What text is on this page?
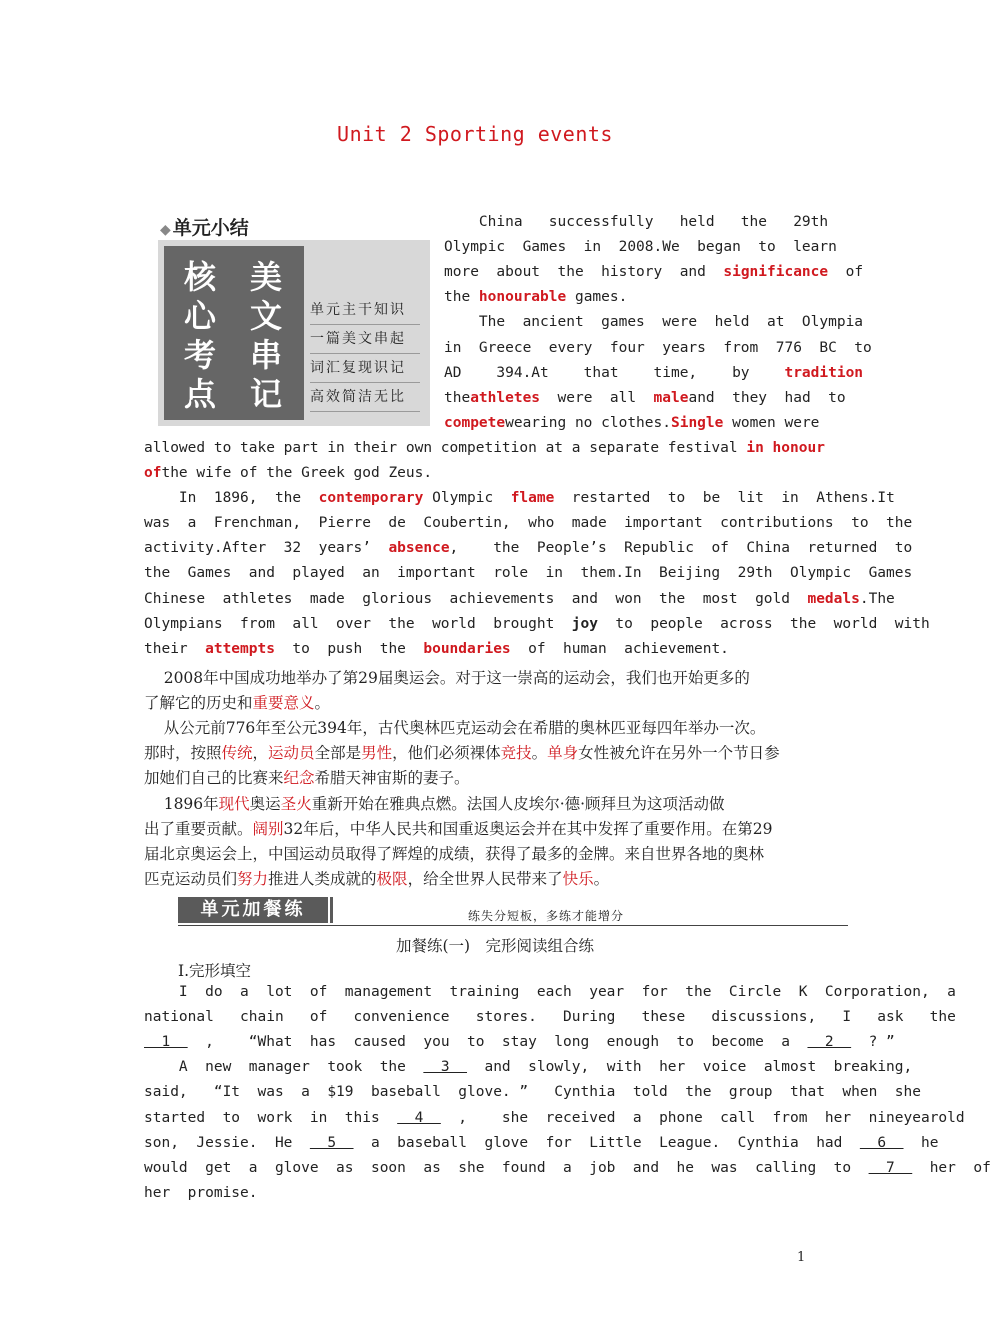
Unit 2 Sporting events
◆ 单元小结
核
心
考
点
美
文
串
记
单元主干知识
一篇美文串起
词汇复现识记
高效简洁无比
China   successfully   held   the   29th
Olympic  Games  in  2008.We  began  to  learn
more  about  the  history  and  significance  of
the honourable games.
The  ancient  games  were  held  at  Olympia
in  Greece  every  four  years  from  776  BC  to
AD    394.At    that    time,    by    tradition
theathletes  were  all  maleand  they  had  to
competewearing no clothes.Single women were
allowed to take part in their own competition at a separate festival in honour
ofthe wife of the Greek god Zeus.
In  1896,  the  contemporary Olympic  flame  restarted  to  be  lit  in  Athens.It
was  a  Frenchman,  Pierre  de  Coubertin,  who  made  important  contributions  to  the
activity.After  32  years’  absence,    the  People’s  Republic  of  China  returned  to
the  Games  and  played  an  important  role  in  them.In  Beijing  29th  Olympic  Games
Chinese  athletes  made  glorious  achievements  and  won  the  most  gold  medals.The
Olympians  from  all  over  the  world  brought  joy  to  people  across  the  world  with
their  attempts  to  push  the  boundaries  of  human  achievement.
2008年中国成功地举办了第29届奥运会。对于这一崇高的运动会，我们也开始更多的
了解它的历史和重要意义。
从公元前776年至公元394年，古代奥林匹克运动会在希腊的奥林匹亚每四年举办一次。
那时，按照传统，运动员全部是男性，他们必须裸体竞技。单身女性被允许在另外一个节日参
加她们自己的比赛来纪念希腊天神宙斯的妻子。
1896年现代奥运圣火重新开始在雅典点燃。法国人皮埃尔·德·顾拜旦为这项活动做
出了重要贡献。阔别32年后，中华人民共和国重返奥运会并在其中发挥了重要作用。在第29
届北京奥运会上，中国运动员取得了辉煌的成绩，获得了最多的金牌。来自世界各地的奥林
匹克运动员们努力推进人类成就的极限，给全世界人民带来了快乐。
单元加餐练	练失分短板，多练才能增分
加餐练(一)　完形阅读组合练
Ⅰ.完形填空
I  do  a  lot  of  management  training  each  year  for  the  Circle  K  Corporation,  a
national   chain   of   convenience   stores.   During   these   discussions,   I   ask   the
1    ,    “What  has  caused  you  to  stay  long  enough  to  become  a    2    ? ”
A  new  manager  took  the    3    and  slowly,  with  her  voice  almost  breaking,
said,   “It  was  a  $19  baseball  glove. ”   Cynthia  told  the  group  that  when  she
started  to  work  in  this    4    ,    she  received  a  phone  call  from  her  nineyearold
son,  Jessie.  He    5    a  baseball  glove  for  Little  League.  Cynthia  had    6    he
would  get  a  glove  as  soon  as  she  found  a  job  and  he  was  calling  to    7    her  of
her  promise.
1
